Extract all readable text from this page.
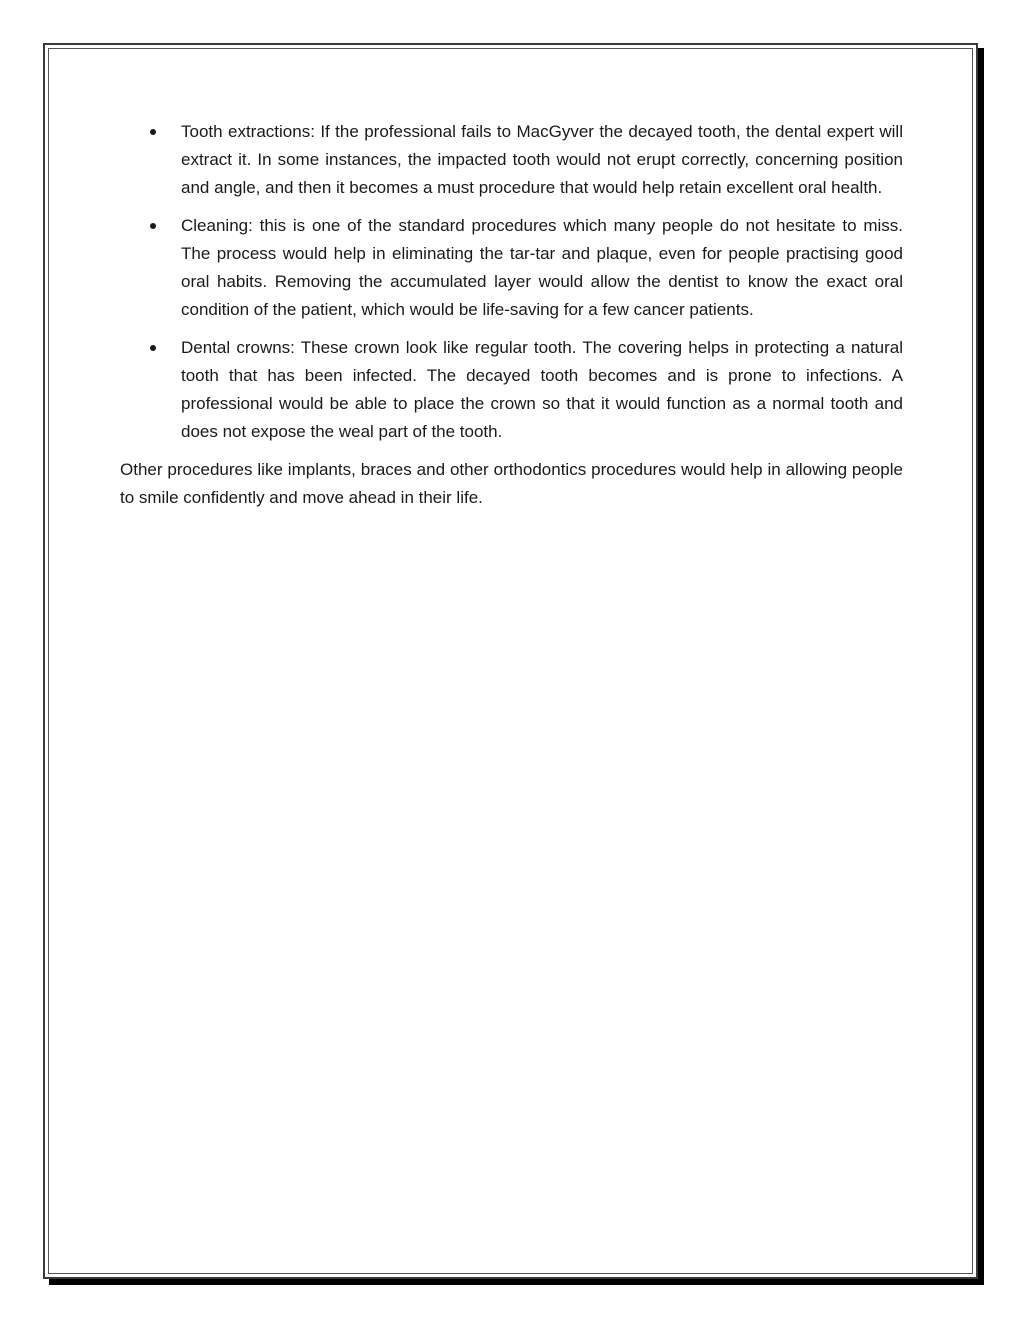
Tooth extractions: If the professional fails to MacGyver the decayed tooth, the dental expert will extract it. In some instances, the impacted tooth would not erupt correctly, concerning position and angle, and then it becomes a must procedure that would help retain excellent oral health.
Cleaning: this is one of the standard procedures which many people do not hesitate to miss. The process would help in eliminating the tar-tar and plaque, even for people practising good oral habits. Removing the accumulated layer would allow the dentist to know the exact oral condition of the patient, which would be life-saving for a few cancer patients.
Dental crowns: These crown look like regular tooth. The covering helps in protecting a natural tooth that has been infected. The decayed tooth becomes and is prone to infections. A professional would be able to place the crown so that it would function as a normal tooth and does not expose the weal part of the tooth.

Other procedures like implants, braces and other orthodontics procedures would help in allowing people to smile confidently and move ahead in their life.
